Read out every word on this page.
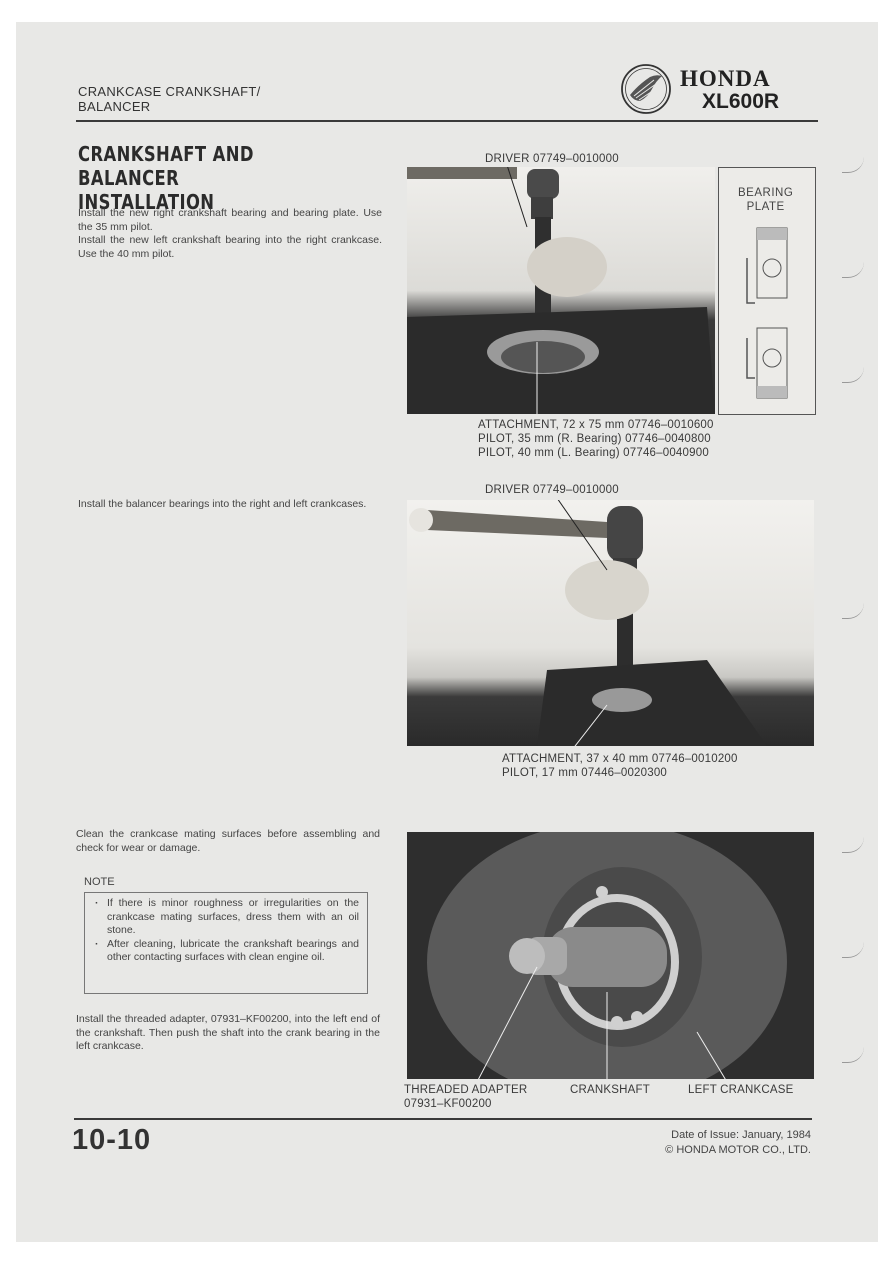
CRANKCASE CRANKSHAFT/
BALANCER
HONDA
XL600R
CRANKSHAFT AND BALANCER
INSTALLATION
Install the new right crankshaft bearing and bearing plate. Use the 35 mm pilot.
Install the new left crankshaft bearing into the right crankcase. Use the 40 mm pilot.
Install the balancer bearings into the right and left crankcases.
Clean the crankcase mating surfaces before assembling and check for wear or damage.
NOTE
· If there is minor roughness or irregularities on the crankcase mating surfaces, dress them with an oil stone.
· After cleaning, lubricate the crankshaft bearings and other contacting surfaces with clean engine oil.
Install the threaded adapter, 07931–KF00200, into the left end of the crankshaft. Then push the shaft into the crank bearing in the left crankcase.
DRIVER 07749–0010000
BEARING
PLATE
ATTACHMENT, 72 x 75 mm 07746–0010600
PILOT, 35 mm (R. Bearing) 07746–0040800
PILOT, 40 mm (L. Bearing) 07746–0040900
DRIVER 07749–0010000
ATTACHMENT, 37 x 40 mm 07746–0010200
PILOT, 17 mm 07446–0020300
THREADED ADAPTER
07931–KF00200
CRANKSHAFT	LEFT CRANKCASE
10-10	Date of Issue: January, 1984
© HONDA MOTOR CO., LTD.
